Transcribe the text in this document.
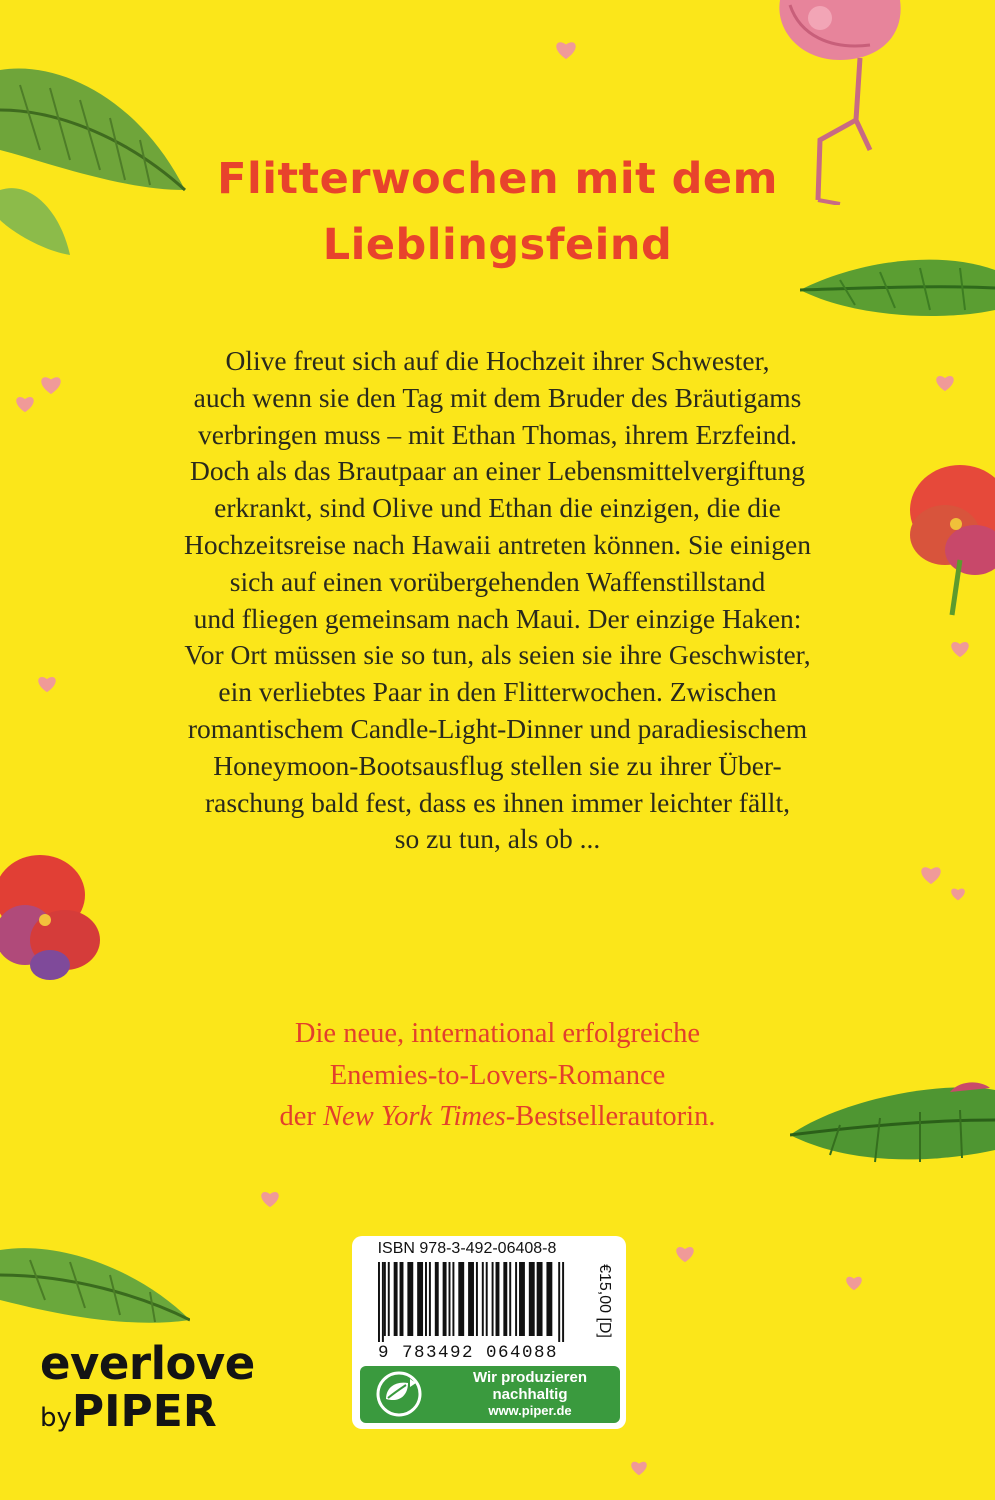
Flitterwochen mit dem
Lieblingsfeind
Olive freut sich auf die Hochzeit ihrer Schwester,
auch wenn sie den Tag mit dem Bruder des Bräutigams
verbringen muss – mit Ethan Thomas, ihrem Erzfeind.
Doch als das Brautpaar an einer Lebensmittelvergiftung
erkrankt, sind Olive und Ethan die einzigen, die die
Hochzeitsreise nach Hawaii antreten können. Sie einigen
sich auf einen vorübergehenden Waffenstillstand
und fliegen gemeinsam nach Maui. Der einzige Haken:
Vor Ort müssen sie so tun, als seien sie ihre Geschwister,
ein verliebtes Paar in den Flitterwochen. Zwischen
romantischem Candle-Light-Dinner und paradiesischem
Honeymoon-Bootsausflug stellen sie zu ihrer Über-
raschung bald fest, dass es ihnen immer leichter fällt,
so zu tun, als ob ...
Die neue, international erfolgreiche
Enemies-to-Lovers-Romance
der New York Times-Bestsellerautorin.
ISBN 978-3-492-06408-8
€15,00 [D]
9 783492 064088
Wir produzieren
nachhaltig
www.piper.de
everlove
byPIPER
